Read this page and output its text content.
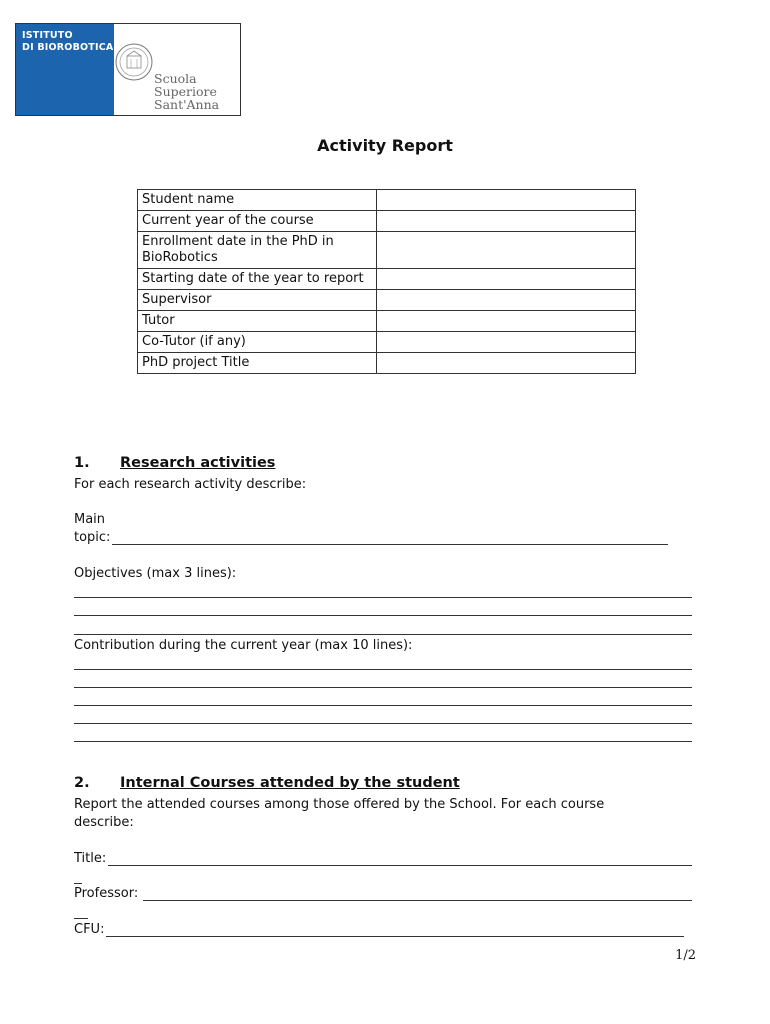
ISTITUTO
DI BIOROBOTICA
Scuola Superiore
Sant'Anna
Activity Report
Student name	
Current year of the course	
Enrollment date in the PhD in BioRobotics	
Starting date of the year to report	
Supervisor	
Tutor	
Co-Tutor (if any)	
PhD project Title	
1. Research activities
For each research activity describe:
Main
topic:
Objectives (max 3 lines):
Contribution during the current year (max 10 lines):
2. Internal Courses attended by the student
Report the attended courses among those offered by the School. For each course
describe:
Title:
Professor:
CFU:
1/2
